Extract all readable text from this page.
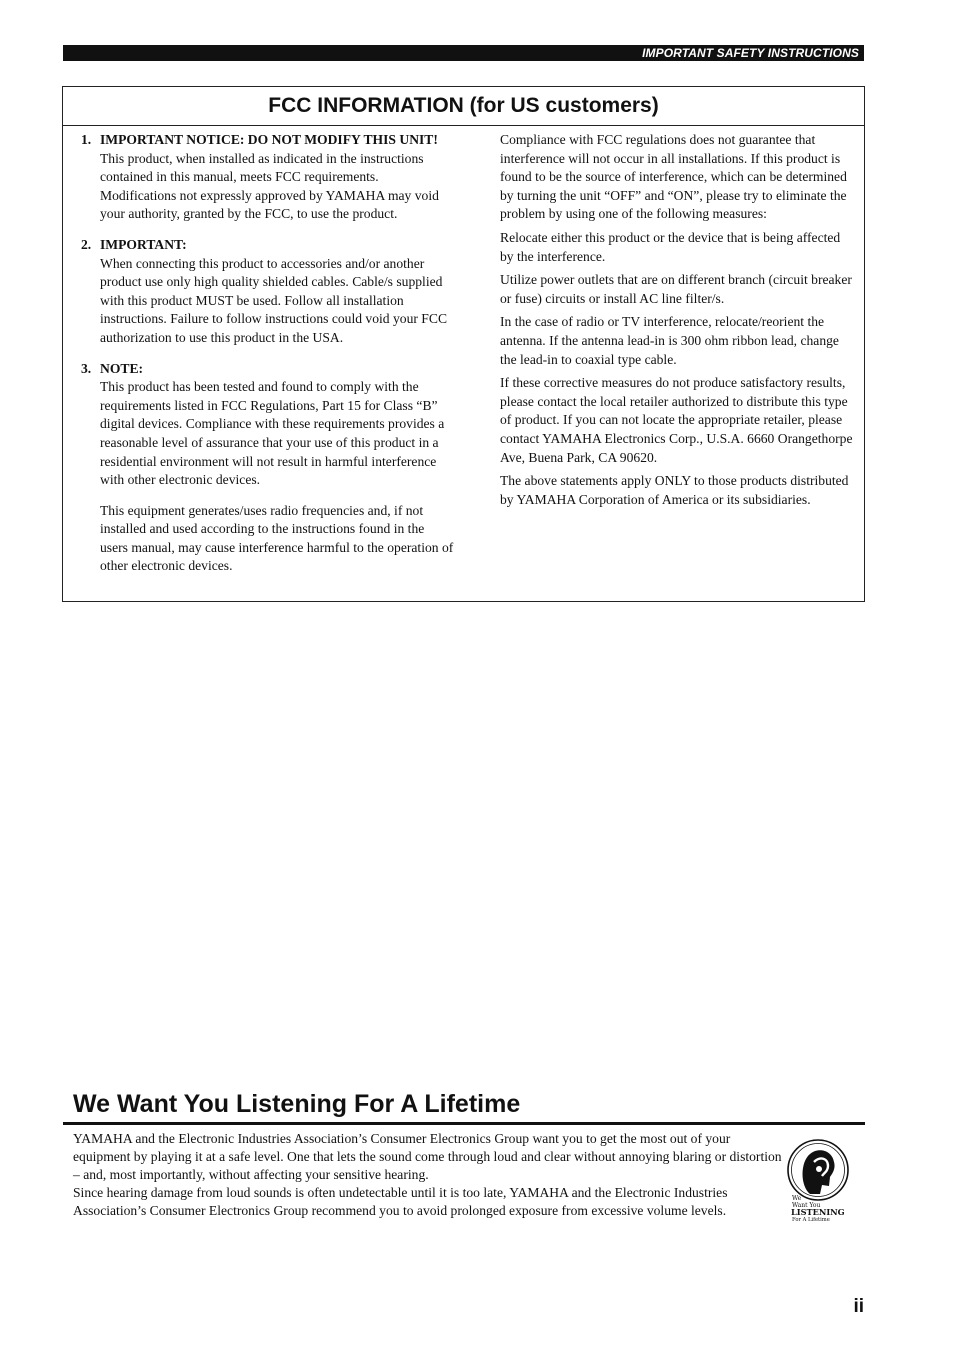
IMPORTANT SAFETY INSTRUCTIONS
FCC INFORMATION (for US customers)
1. IMPORTANT NOTICE: DO NOT MODIFY THIS UNIT!

This product, when installed as indicated in the instructions contained in this manual, meets FCC requirements. Modifications not expressly approved by YAMAHA may void your authority, granted by the FCC, to use the product.

2. IMPORTANT:

When connecting this product to accessories and/or another product use only high quality shielded cables. Cable/s supplied with this product MUST be used. Follow all installation instructions. Failure to follow instructions could void your FCC authorization to use this product in the USA.

3. NOTE:

This product has been tested and found to comply with the requirements listed in FCC Regulations, Part 15 for Class “B” digital devices. Compliance with these requirements provides a reasonable level of assurance that your use of this product in a residential environment will not result in harmful interference with other electronic devices.

This equipment generates/uses radio frequencies and, if not installed and used according to the instructions found in the users manual, may cause interference harmful to the operation of other electronic devices.

Compliance with FCC regulations does not guarantee that interference will not occur in all installations. If this product is found to be the source of interference, which can be determined by turning the unit “OFF” and “ON”, please try to eliminate the problem by using one of the following measures:

Relocate either this product or the device that is being affected by the interference.

Utilize power outlets that are on different branch (circuit breaker or fuse) circuits or install AC line filter/s.

In the case of radio or TV interference, relocate/reorient the antenna. If the antenna lead-in is 300 ohm ribbon lead, change the lead-in to coaxial type cable.

If these corrective measures do not produce satisfactory results, please contact the local retailer authorized to distribute this type of product. If you can not locate the appropriate retailer, please contact YAMAHA Electronics Corp., U.S.A. 6660 Orangethorpe Ave, Buena Park, CA 90620.

The above statements apply ONLY to those products distributed by YAMAHA Corporation of America or its subsidiaries.

We Want You Listening For A Lifetime

YAMAHA and the Electronic Industries Association’s Consumer Electronics Group want you to get the most out of your equipment by playing it at a safe level. One that lets the sound come through loud and clear without annoying blaring or distortion – and, most importantly, without affecting your sensitive hearing.

Since hearing damage from loud sounds is often undetectable until it is too late, YAMAHA and the Electronic Industries Association’s Consumer Electronics Group recommend you to avoid prolonged exposure from excessive volume levels.

We
Want You
LISTENING
For A Lifetime
ii
